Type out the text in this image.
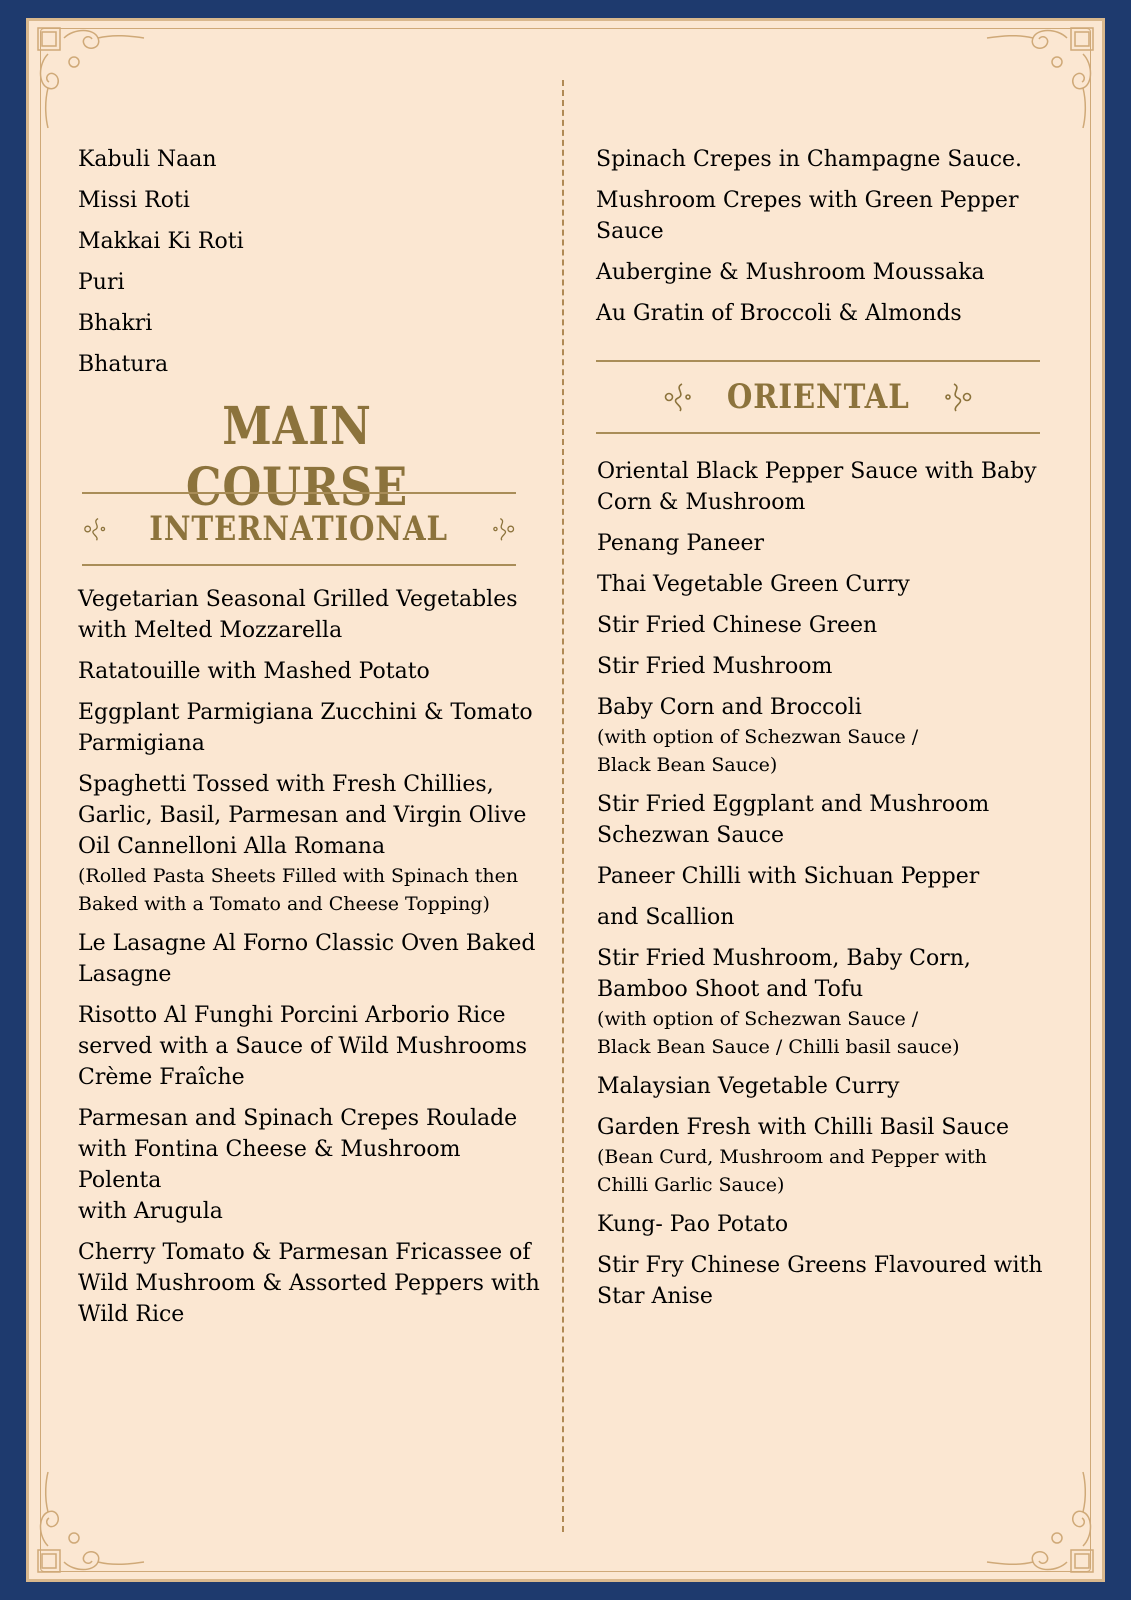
Kabuli Naan
Missi Roti
Makkai Ki Roti
Puri
Bhakri
Bhatura
MAIN COURSE
INTERNATIONAL
Vegetarian Seasonal Grilled Vegetables
with Melted Mozzarella
Ratatouille with Mashed Potato
Eggplant Parmigiana Zucchini & Tomato
Parmigiana
Spaghetti Tossed with Fresh Chillies,
Garlic, Basil, Parmesan and Virgin Olive
Oil Cannelloni Alla Romana
(Rolled Pasta Sheets Filled with Spinach then
Baked with a Tomato and Cheese Topping)
Le Lasagne Al Forno Classic Oven Baked
Lasagne
Risotto Al Funghi Porcini Arborio Rice
served with a Sauce of Wild Mushrooms
Crème Fraîche
Parmesan and Spinach Crepes Roulade
with Fontina Cheese & Mushroom Polenta
with Arugula
Cherry Tomato & Parmesan Fricassee of
Wild Mushroom & Assorted Peppers with
Wild Rice
Spinach Crepes in Champagne Sauce.
Mushroom Crepes with Green Pepper
Sauce
Aubergine & Mushroom Moussaka
Au Gratin of Broccoli & Almonds
ORIENTAL
Oriental Black Pepper Sauce with Baby
Corn & Mushroom
Penang Paneer
Thai Vegetable Green Curry
Stir Fried Chinese Green
Stir Fried Mushroom
Baby Corn and Broccoli
(with option of Schezwan Sauce /
Black Bean Sauce)
Stir Fried Eggplant and Mushroom
Schezwan Sauce
Paneer Chilli with Sichuan Pepper
and Scallion
Stir Fried Mushroom, Baby Corn,
Bamboo Shoot and Tofu
(with option of Schezwan Sauce /
Black Bean Sauce / Chilli basil sauce)
Malaysian Vegetable Curry
Garden Fresh with Chilli Basil Sauce
(Bean Curd, Mushroom and Pepper with
Chilli Garlic Sauce)
Kung- Pao Potato
Stir Fry Chinese Greens Flavoured with
Star Anise
